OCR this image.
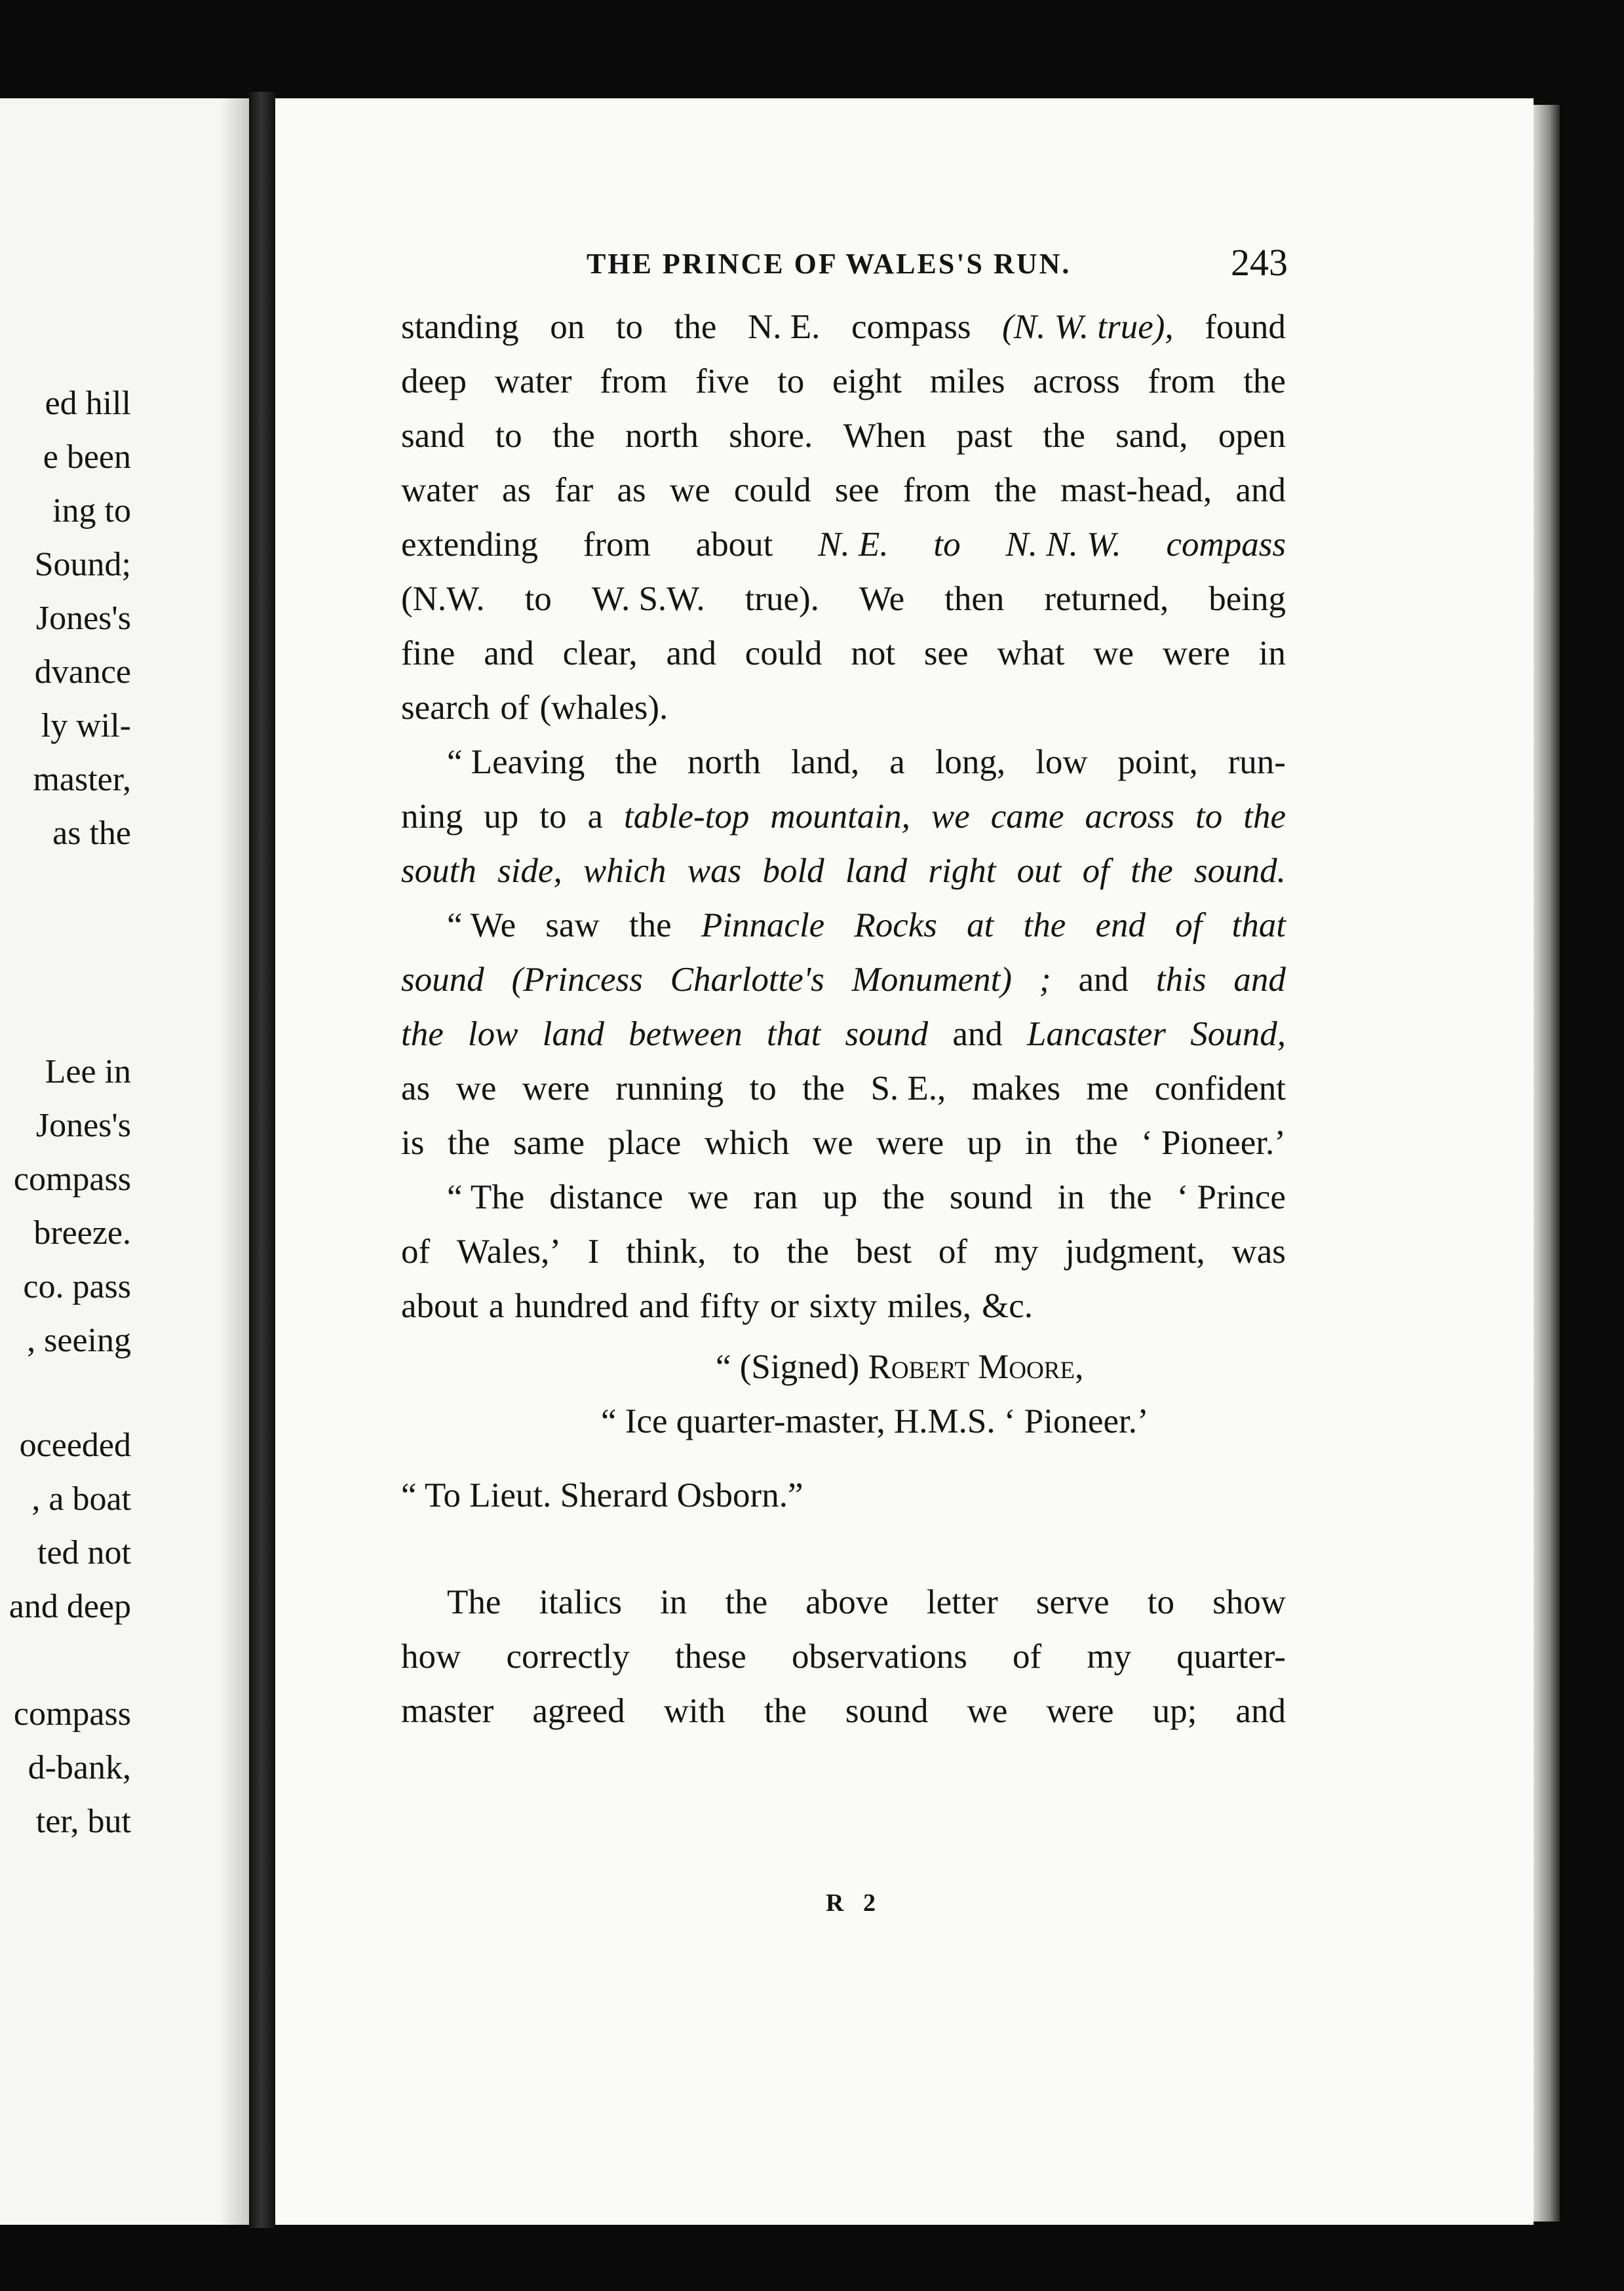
ed hill
e been
ing to
Sound;
Jones's
dvance
ly wil-
master,
as the
Lee in
Jones's
compass
breeze.
co. pass
, seeing
oceeded
, a boat
ted not
and deep
compass
d-bank,
ter, but
THE PRINCE OF WALES'S RUN.	243
standing on to the N. E. compass (N. W. true), found
deep water from five to eight miles across from the
sand to the north shore. When past the sand, open
water as far as we could see from the mast-head, and
extending from about N. E. to N. N. W. compass
(N.W. to W. S.W. true). We then returned, being
fine and clear, and could not see what we were in
search of (whales).
“ Leaving the north land, a long, low point, run-
ning up to a table-top mountain, we came across to the
south side, which was bold land right out of the sound.
“ We saw the Pinnacle Rocks at the end of that
sound (Princess Charlotte's Monument) ; and this and
the low land between that sound and Lancaster Sound,
as we were running to the S. E., makes me confident
is the same place which we were up in the ‘ Pioneer.’
“ The distance we ran up the sound in the ‘ Prince
of Wales,’ I think, to the best of my judgment, was
about a hundred and fifty or sixty miles, &c.
“ (Signed) Robert Moore,
“ Ice quarter-master, H.M.S. ‘ Pioneer.’
“ To Lieut. Sherard Osborn.”
The italics in the above letter serve to show
how correctly these observations of my quarter-
master agreed with the sound we were up; and
R 2
